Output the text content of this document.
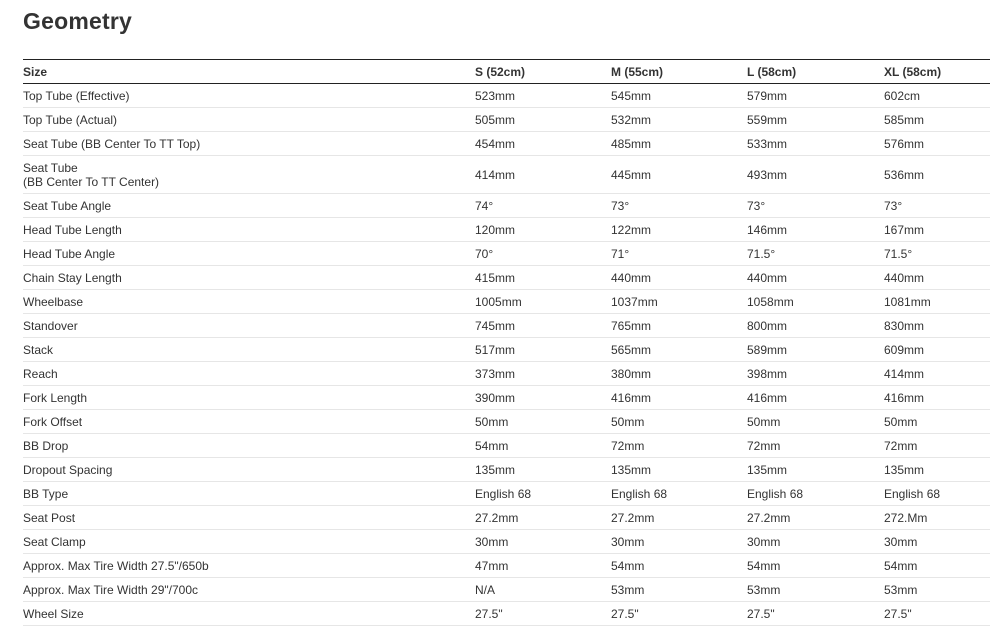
Geometry
Size	S (52cm)	M (55cm)	L (58cm)	XL (58cm)
Top Tube (Effective)	523mm	545mm	579mm	602cm
Top Tube (Actual)	505mm	532mm	559mm	585mm
Seat Tube (BB Center To TT Top)	454mm	485mm	533mm	576mm
Seat Tube
(BB Center To TT Center)	414mm	445mm	493mm	536mm
Seat Tube Angle	74°	73°	73°	73°
Head Tube Length	120mm	122mm	146mm	167mm
Head Tube Angle	70°	71°	71.5°	71.5°
Chain Stay Length	415mm	440mm	440mm	440mm
Wheelbase	1005mm	1037mm	1058mm	1081mm
Standover	745mm	765mm	800mm	830mm
Stack	517mm	565mm	589mm	609mm
Reach	373mm	380mm	398mm	414mm
Fork Length	390mm	416mm	416mm	416mm
Fork Offset	50mm	50mm	50mm	50mm
BB Drop	54mm	72mm	72mm	72mm
Dropout Spacing	135mm	135mm	135mm	135mm
BB Type	English 68	English 68	English 68	English 68
Seat Post	27.2mm	27.2mm	27.2mm	272.Mm
Seat Clamp	30mm	30mm	30mm	30mm
Approx. Max Tire Width 27.5"/650b	47mm	54mm	54mm	54mm
Approx. Max Tire Width 29"/700c	N/A	53mm	53mm	53mm
Wheel Size	27.5"	27.5"	27.5"	27.5"
